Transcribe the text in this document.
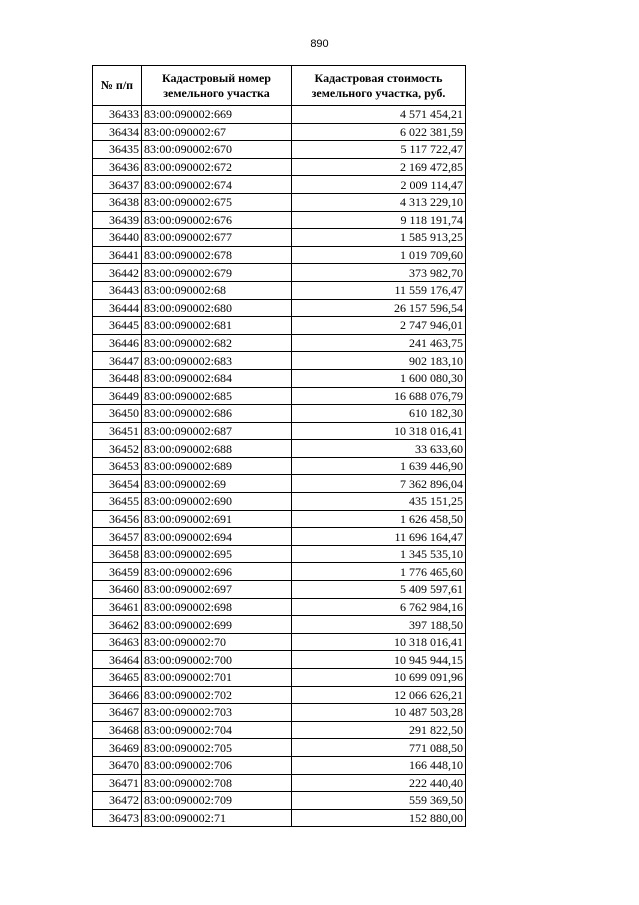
890
№ п/п	Кадастровый номер земельного участка	Кадастровая стоимость земельного участка, руб.
36433	83:00:090002:669	4 571 454,21
36434	83:00:090002:67	6 022 381,59
36435	83:00:090002:670	5 117 722,47
36436	83:00:090002:672	2 169 472,85
36437	83:00:090002:674	2 009 114,47
36438	83:00:090002:675	4 313 229,10
36439	83:00:090002:676	9 118 191,74
36440	83:00:090002:677	1 585 913,25
36441	83:00:090002:678	1 019 709,60
36442	83:00:090002:679	373 982,70
36443	83:00:090002:68	11 559 176,47
36444	83:00:090002:680	26 157 596,54
36445	83:00:090002:681	2 747 946,01
36446	83:00:090002:682	241 463,75
36447	83:00:090002:683	902 183,10
36448	83:00:090002:684	1 600 080,30
36449	83:00:090002:685	16 688 076,79
36450	83:00:090002:686	610 182,30
36451	83:00:090002:687	10 318 016,41
36452	83:00:090002:688	33 633,60
36453	83:00:090002:689	1 639 446,90
36454	83:00:090002:69	7 362 896,04
36455	83:00:090002:690	435 151,25
36456	83:00:090002:691	1 626 458,50
36457	83:00:090002:694	11 696 164,47
36458	83:00:090002:695	1 345 535,10
36459	83:00:090002:696	1 776 465,60
36460	83:00:090002:697	5 409 597,61
36461	83:00:090002:698	6 762 984,16
36462	83:00:090002:699	397 188,50
36463	83:00:090002:70	10 318 016,41
36464	83:00:090002:700	10 945 944,15
36465	83:00:090002:701	10 699 091,96
36466	83:00:090002:702	12 066 626,21
36467	83:00:090002:703	10 487 503,28
36468	83:00:090002:704	291 822,50
36469	83:00:090002:705	771 088,50
36470	83:00:090002:706	166 448,10
36471	83:00:090002:708	222 440,40
36472	83:00:090002:709	559 369,50
36473	83:00:090002:71	152 880,00
